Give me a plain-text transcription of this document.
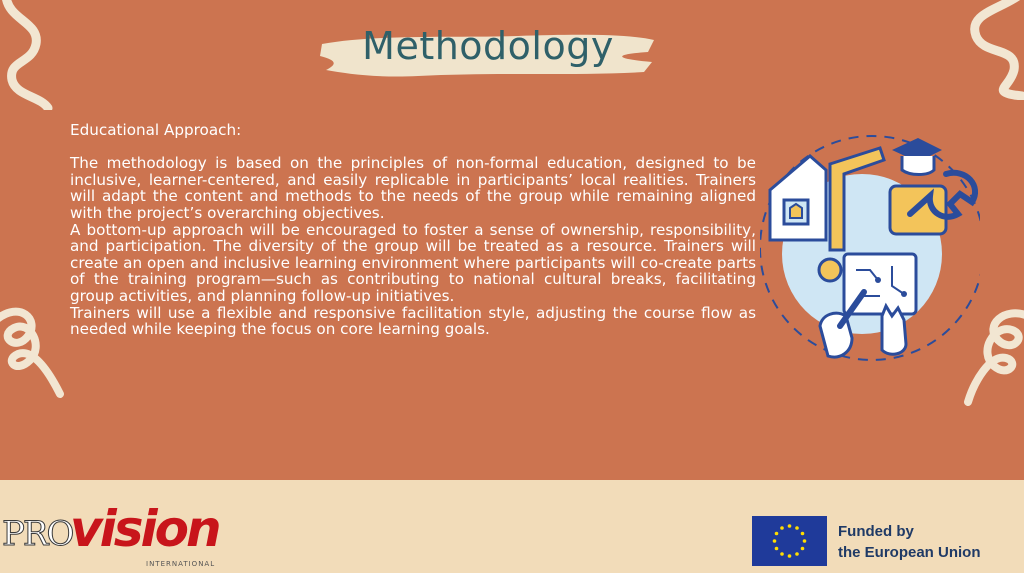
Methodology

Educational Approach:

The methodology is based on the principles of non-formal education, designed to be inclusive, learner-centered, and easily replicable in participants’ local realities. Trainers will adapt the content and methods to the needs of the group while remaining aligned with the project’s overarching objectives.

A bottom-up approach will be encouraged to foster a sense of ownership, responsibility, and participation. The diversity of the group will be treated as a resource. Trainers will create an open and inclusive learning environment where participants will co-create parts of the training program—such as contributing to national cultural breaks, facilitating group activities, and planning follow-up initiatives.

Trainers will use a flexible and responsive facilitation style, adjusting the course flow as needed while keeping the focus on core learning goals.

PRO
vision
INTERNATIONAL
Funded by
the European Union
